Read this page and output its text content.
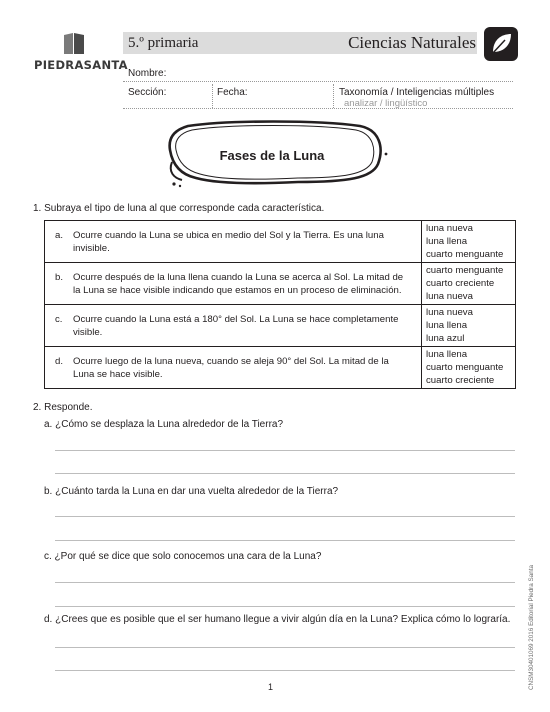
PIEDRASANTA
5.º primaria	Ciencias Naturales
Nombre:
Sección:	Fecha:	Taxonomía / Inteligencias múltiples
analizar / lingüístico
Fases de la Luna
1. Subraya el tipo de luna al que corresponde cada característica.
a. Ocurre cuando la Luna se ubica en medio del Sol y la Tierra. Es una luna invisible.	luna nueva
luna llena
cuarto menguante

b. Ocurre después de la luna llena cuando la Luna se acerca al Sol. La mitad de la Luna se hace visible indicando que estamos en un proceso de eliminación.	cuarto menguante
cuarto creciente
luna nueva

c. Ocurre cuando la Luna está a 180° del Sol. La Luna se hace completamente visible.	luna nueva
luna llena
luna azul

d. Ocurre luego de la luna nueva, cuando se aleja 90° del Sol. La mitad de la Luna se hace visible.	luna llena
cuarto menguante
cuarto creciente
2. Responde.
a. ¿Cómo se desplaza la Luna alrededor de la Tierra?
b. ¿Cuánto tarda la Luna en dar una vuelta alrededor de la Tierra?
c. ¿Por qué se dice que solo conocemos una cara de la Luna?
d. ¿Crees que es posible que el ser humano llegue a vivir algún día en la Luna? Explica cómo lo lograría.
1	CNSM30401069 2016 Editorial Piedra Santa
